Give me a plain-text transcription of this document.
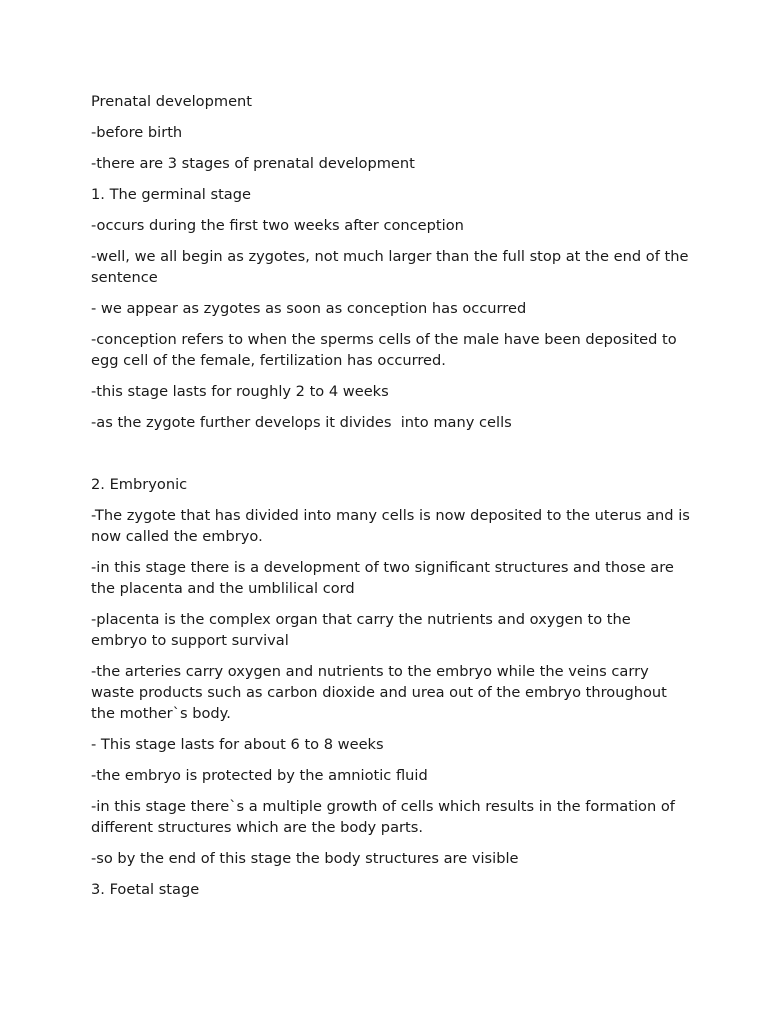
Prenatal development

-before birth

-there are 3 stages of prenatal development

1. The germinal stage

-occurs during the first two weeks after conception

-well, we all begin as zygotes, not much larger than the full stop at the end of the sentence

- we appear as zygotes as soon as conception has occurred

-conception refers to when the sperms cells of the male have been deposited to egg cell of the female, fertilization has occurred.

-this stage lasts for roughly 2 to 4 weeks

-as the zygote further develops it divides  into many cells

2. Embryonic

-The zygote that has divided into many cells is now deposited to the uterus and is now called the embryo.

-in this stage there is a development of two significant structures and those are the placenta and the umblilical cord

-placenta is the complex organ that carry the nutrients and oxygen to the embryo to support survival

-the arteries carry oxygen and nutrients to the embryo while the veins carry waste products such as carbon dioxide and urea out of the embryo throughout the mother`s body.

- This stage lasts for about 6 to 8 weeks

-the embryo is protected by the amniotic fluid

-in this stage there`s a multiple growth of cells which results in the formation of different structures which are the body parts.

-so by the end of this stage the body structures are visible

3. Foetal stage
